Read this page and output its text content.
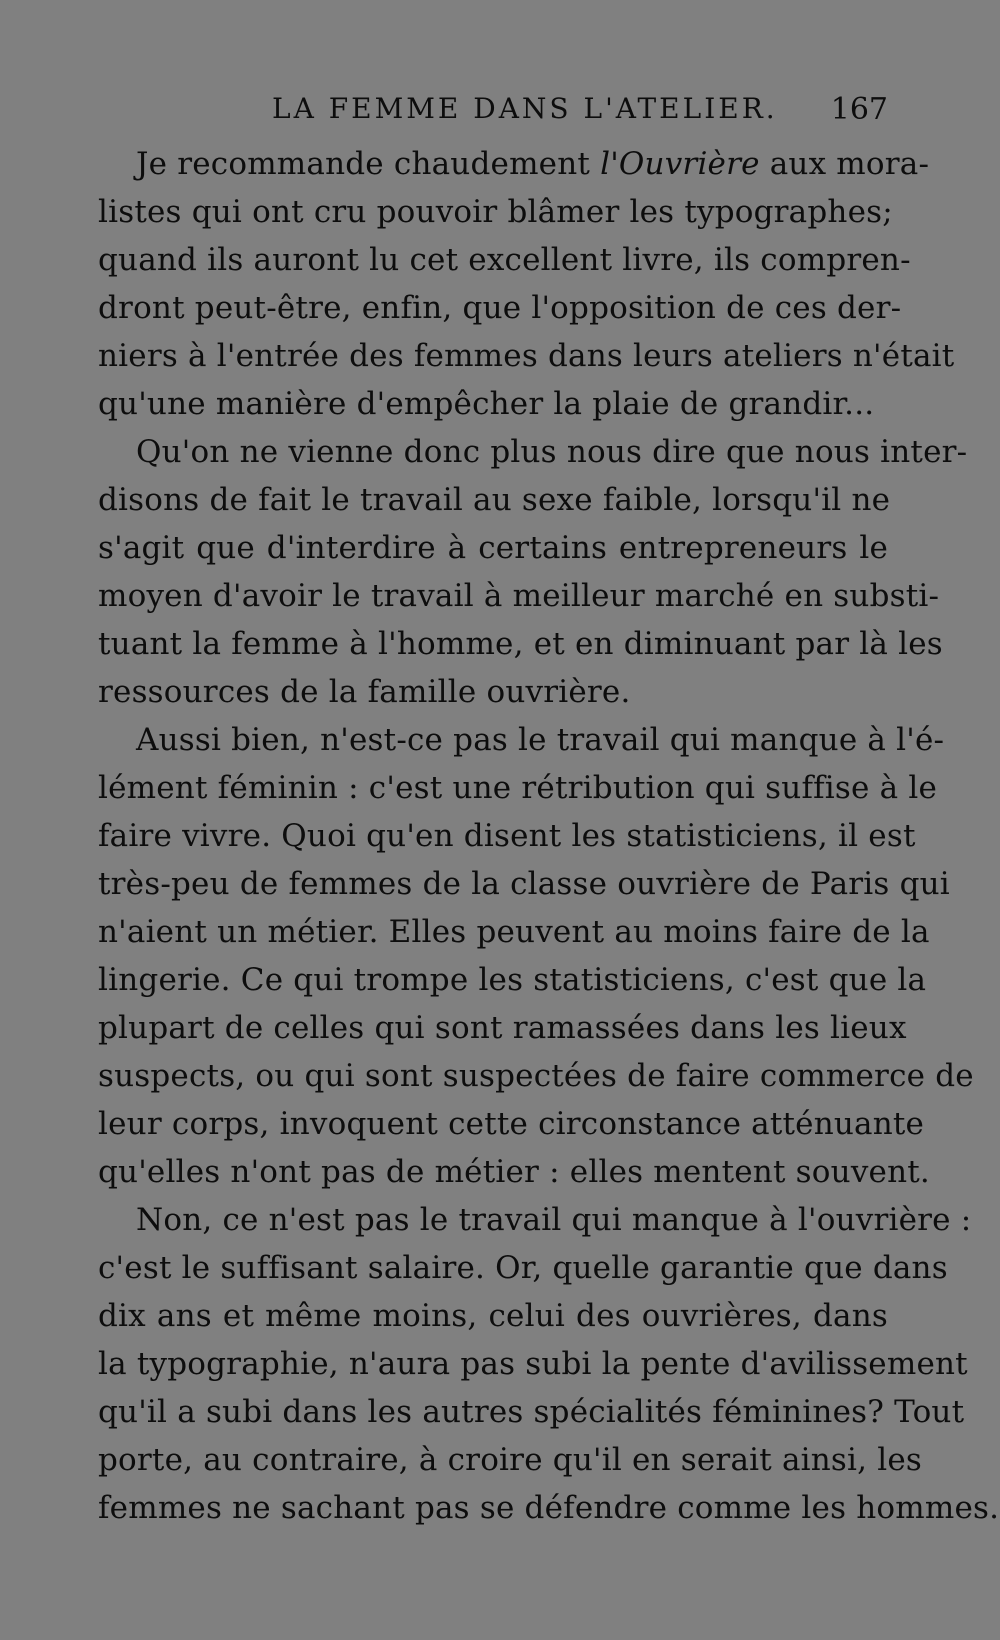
LA FEMME DANS L'ATELIER. 167
Je recommande chaudement l'Ouvrière aux mora-
listes qui ont cru pouvoir blâmer les typographes;
quand ils auront lu cet excellent livre, ils compren-
dront peut-être, enfin, que l'opposition de ces der-
niers à l'entrée des femmes dans leurs ateliers n'était
qu'une manière d'empêcher la plaie de grandir...
Qu'on ne vienne donc plus nous dire que nous inter-
disons de fait le travail au sexe faible, lorsqu'il ne
s'agit que d'interdire à certains entrepreneurs le
moyen d'avoir le travail à meilleur marché en substi-
tuant la femme à l'homme, et en diminuant par là les
ressources de la famille ouvrière.
Aussi bien, n'est-ce pas le travail qui manque à l'é-
lément féminin : c'est une rétribution qui suffise à le
faire vivre. Quoi qu'en disent les statisticiens, il est
très-peu de femmes de la classe ouvrière de Paris qui
n'aient un métier. Elles peuvent au moins faire de la
lingerie. Ce qui trompe les statisticiens, c'est que la
plupart de celles qui sont ramassées dans les lieux
suspects, ou qui sont suspectées de faire commerce de
leur corps, invoquent cette circonstance atténuante
qu'elles n'ont pas de métier : elles mentent souvent.
Non, ce n'est pas le travail qui manque à l'ouvrière :
c'est le suffisant salaire. Or, quelle garantie que dans
dix ans et même moins, celui des ouvrières, dans
la typographie, n'aura pas subi la pente d'avilissement
qu'il a subi dans les autres spécialités féminines? Tout
porte, au contraire, à croire qu'il en serait ainsi, les
femmes ne sachant pas se défendre comme les hommes.
